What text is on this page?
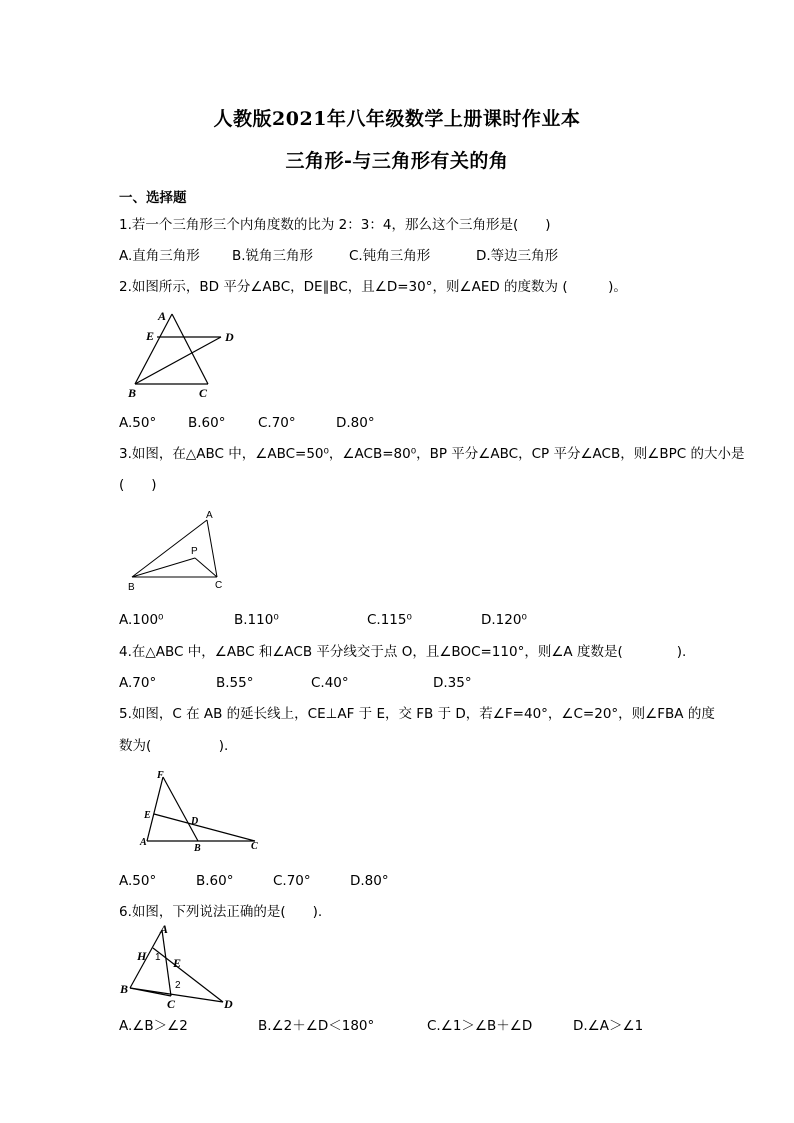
人教版2021年八年级数学上册课时作业本
三角形-与三角形有关的角
一、选择题
1.若一个三角形三个内角度数的比为 2：3：4，那么这个三角形是(　　)
A.直角三角形 B.锐角三角形	C.钝角三角形	D.等边三角形
2.如图所示，BD 平分∠ABC，DE∥BC，且∠D=30°，则∠AED 的度数为 (　　　)。
A
E	D
B	C
A.50° B.60° C.70°	D.80°
3.如图，在△ABC 中，∠ABC=50⁰，∠ACB=80⁰，BP 平分∠ABC，CP 平分∠ACB，则∠BPC 的大小是
(　　)
A
P
B	C
A.100⁰	B.110⁰	C.115⁰	D.120⁰
4.在△ABC 中，∠ABC 和∠ACB 平分线交于点 O，且∠BOC=110°，则∠A 度数是(　　　　).
A.70°	B.55°	C.40°	D.35°
5.如图，C 在 AB 的延长线上，CE⊥AF 于 E，交 FB 于 D，若∠F=40°，∠C=20°，则∠FBA 的度
数为(　　　　　).
F
E
D
A
B	C
A.50°	B.60°	C.70°	D.80°
6.如图，下列说法正确的是(　　).
A
H 1 E
2
B
C	D
A.∠B＞∠2	B.∠2＋∠D＜180°	C.∠1＞∠B＋∠D	D.∠A＞∠1
